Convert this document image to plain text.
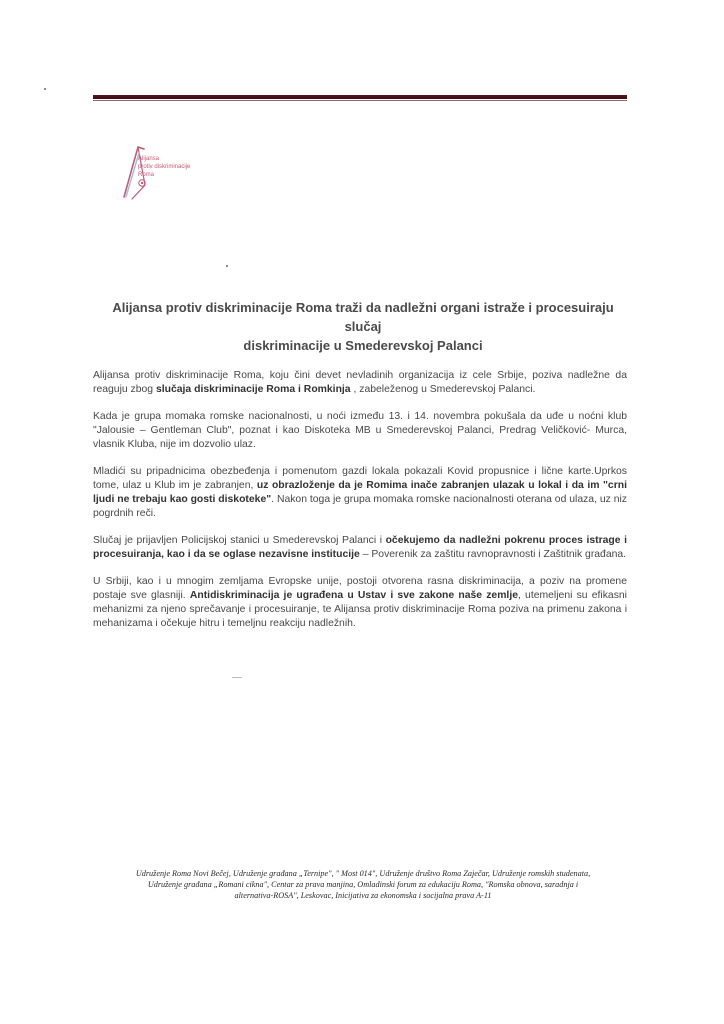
Alijansa
protiv diskriminacije
Roma
Alijansa protiv diskriminacije Roma traži da nadležni organi istraže i procesuiraju slučaj
diskriminacije u Smederevskoj Palanci

Alijansa protiv diskriminacije Roma, koju čini devet nevladinih organizacija iz cele Srbije, poziva nadležne da reaguju zbog slučaja diskriminacije Roma i Romkinja , zabeleženog u Smederevskoj Palanci.

Kada je grupa momaka romske nacionalnosti, u noći između 13. i 14. novembra pokušala da uđe u noćni klub "Jalousie – Gentleman Club", poznat i kao Diskoteka MB u Smederevskoj Palanci, Predrag Veličković- Murca, vlasnik Kluba, nije im dozvolio ulaz.

Mladići su pripadnicima obezbeđenja i pomenutom gazdi lokala pokazali Kovid propusnice i lične karte.Uprkos tome, ulaz u Klub im je zabranjen, uz obrazloženje da je Romima inače zabranjen ulazak u lokal i da im "crni ljudi ne trebaju kao gosti diskoteke". Nakon toga je grupa momaka romske nacionalnosti oterana od ulaza, uz niz pogrdnih reči.

Slučaj je prijavljen Policijskoj stanici u Smederevskoj Palanci i očekujemo da nadležni pokrenu proces istrage i procesuiranja, kao i da se oglase nezavisne institucije – Poverenik za zaštitu ravnopravnosti i Zaštitnik građana.

U Srbiji, kao i u mnogim zemljama Evropske unije, postoji otvorena rasna diskriminacija, a poziv na promene postaje sve glasniji. Antidiskriminacija je ugrađena u Ustav i sve zakone naše zemlje, utemeljeni su efikasni mehanizmi za njeno sprečavanje i procesuiranje, te Alijansa protiv diskriminacije Roma poziva na primenu zakona i mehanizama i očekuje hitru i temeljnu reakciju nadležnih.

Udruženje Roma Novi Bečej, Udruženje građana „Ternipe", " Most 014", Udruženje društvo Roma Zaječar, Udruženje romskih studenata,
Udruženje građana „Romani cikna", Centar za prava manjina, Omladinski forum za edukaciju Roma, "Romska obnova, saradnja i
alternativa-ROSA", Leskovac, Inicijativa za ekonomska i socijalna prava A-11
